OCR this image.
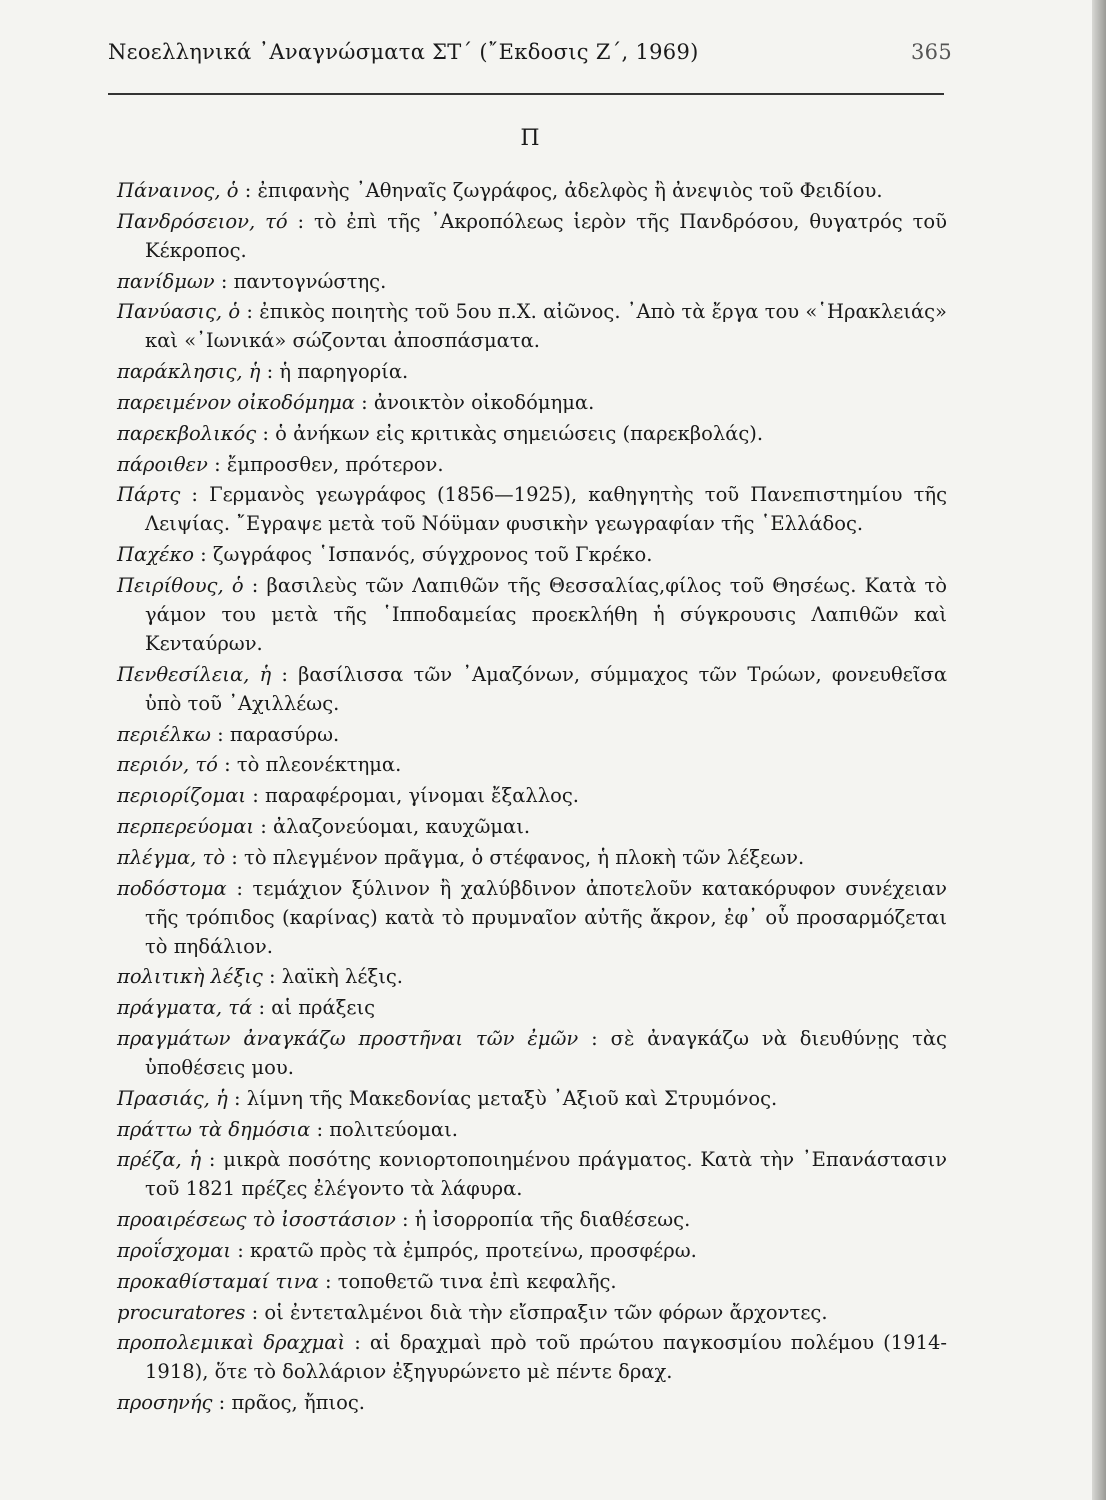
Νεοελληνικά ᾿Αναγνώσματα ΣΤ΄ (῎Εκδοσις Ζ΄, 1969)	365
Π

Πάναινος, ὁ : ἐπιφανὴς ᾿Αθηναῖς ζωγράφος, ἀδελφὸς ἢ ἀνεψιὸς τοῦ Φειδίου.

Πανδρόσειον, τό : τὸ ἐπὶ τῆς ᾿Ακροπόλεως ἱερὸν τῆς Πανδρόσου, θυγατρός τοῦ Κέκροπος.

πανίδμων : παντογνώστης.

Πανύασις, ὁ : ἐπικὸς ποιητὴς τοῦ 5ου π.Χ. αἰῶνος. ᾿Απὸ τὰ ἔργα του «῾Ηρακλειάς» καὶ «᾿Ιωνικά» σώζονται ἀποσπάσματα.

παράκλησις, ἡ : ἡ παρηγορία.

παρειμένον οἰκοδόμημα : ἀνοικτὸν οἰκοδόμημα.

παρεκβολικός : ὁ ἀνήκων εἰς κριτικὰς σημειώσεις (παρεκβολάς).

πάροιθεν : ἔμπροσθεν, πρότερον.

Πάρτς : Γερμανὸς γεωγράφος (1856—1925), καθηγητὴς τοῦ Πανεπιστημίου τῆς Λειψίας. ῎Εγραψε μετὰ τοῦ Νόϋμαν φυσικὴν γεωγραφίαν τῆς ῾Ελλάδος.

Παχέκο : ζωγράφος ῾Ισπανός, σύγχρονος τοῦ Γκρέκο.

Πειρίθους, ὁ : βασιλεὺς τῶν Λαπιθῶν τῆς Θεσσαλίας,φίλος τοῦ Θησέως. Κατὰ τὸ γάμον του μετὰ τῆς ῾Ιπποδαμείας προεκλήθη ἡ σύγκρουσις Λαπιθῶν καὶ Κενταύρων.

Πενθεσίλεια, ἡ : βασίλισσα τῶν ᾿Αμαζόνων, σύμμαχος τῶν Τρώων, φονευθεῖσα ὑπὸ τοῦ ᾿Αχιλλέως.

περιέλκω : παρασύρω.

περιόν, τό : τὸ πλεονέκτημα.

περιορίζομαι : παραφέρομαι, γίνομαι ἔξαλλος.

περπερεύομαι : ἀλαζονεύομαι, καυχῶμαι.

πλέγμα, τὸ : τὸ πλεγμένον πρᾶγμα, ὁ στέφανος, ἡ πλοκὴ τῶν λέξεων.

ποδόστομα : τεμάχιον ξύλινον ἢ χαλύβδινον ἀποτελοῦν κατακόρυφον συνέχειαν τῆς τρόπιδος (καρίνας) κατὰ τὸ πρυμναῖον αὐτῆς ἄκρον, ἐφ᾿ οὗ προσαρμόζεται τὸ πηδάλιον.

πολιτικὴ λέξις : λαϊκὴ λέξις.

πράγματα, τά : αἱ πράξεις

πραγμάτων ἀναγκάζω προστῆναι τῶν ἐμῶν : σὲ ἀναγκάζω νὰ διευθύνῃς τὰς ὑποθέσεις μου.

Πρασιάς, ἡ : λίμνη τῆς Μακεδονίας μεταξὺ ᾿Αξιοῦ καὶ Στρυμόνος.

πράττω τὰ δημόσια : πολιτεύομαι.

πρέζα, ἡ : μικρὰ ποσότης κονιορτοποιημένου πράγματος. Κατὰ τὴν ᾿Επανάστασιν τοῦ 1821 πρέζες ἐλέγοντο τὰ λάφυρα.

προαιρέσεως τὸ ἰσοστάσιον : ἡ ἰσορροπία τῆς διαθέσεως.

προΐσχομαι : κρατῶ πρὸς τὰ ἐμπρός, προτείνω, προσφέρω.

προκαθίσταμαί τινα : τοποθετῶ τινα ἐπὶ κεφαλῆς.

procuratores : οἱ ἐντεταλμένοι διὰ τὴν εἴσπραξιν τῶν φόρων ἄρχοντες.

προπολεμικαὶ δραχμαὶ : αἱ δραχμαὶ πρὸ τοῦ πρώτου παγκοσμίου πολέμου (1914-1918), ὅτε τὸ δολλάριον ἐξηγυρώνετο μὲ πέντε δραχ.

προσηνής : πρᾶος, ἤπιος.
